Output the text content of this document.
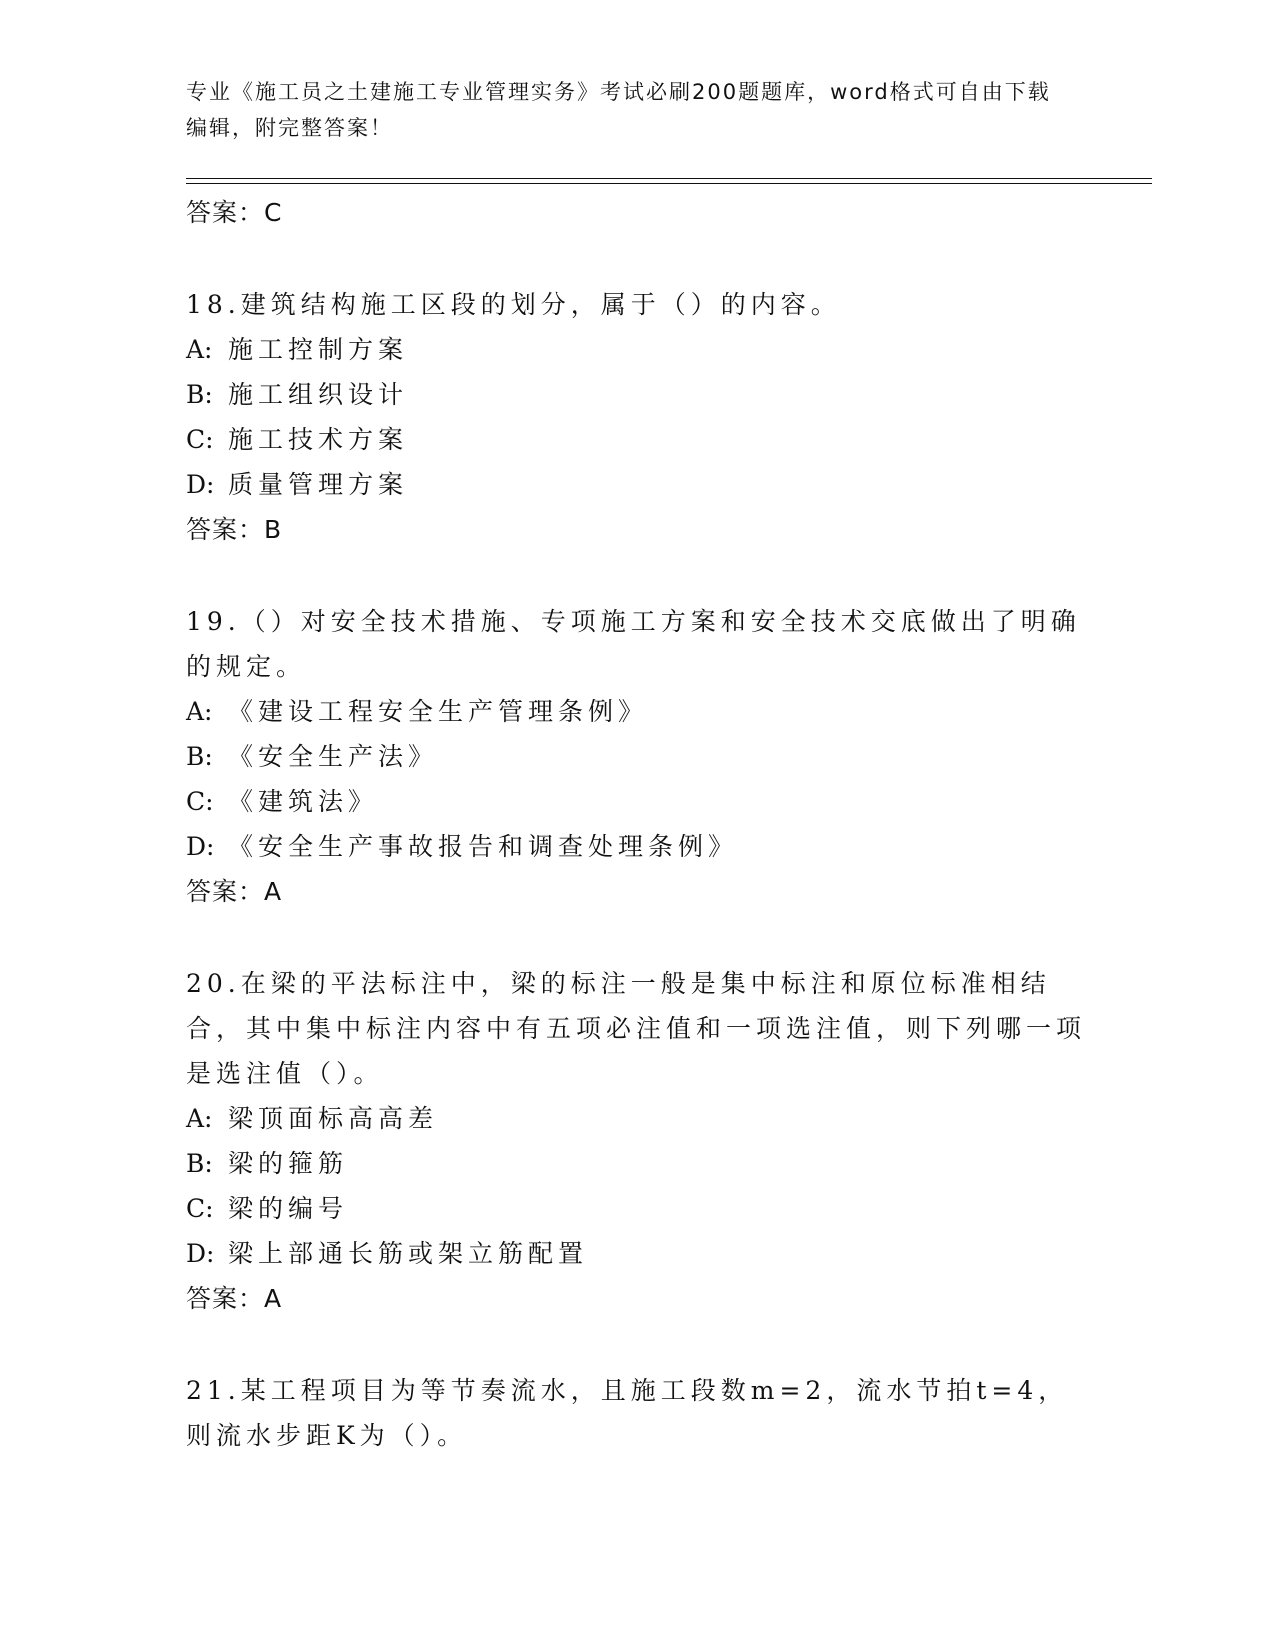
专业《施工员之土建施工专业管理实务》考试必刷200题题库，word格式可自由下载编辑，附完整答案！
答案：C
18.建筑结构施工区段的划分，属于（）的内容。
A: 施工控制方案
B: 施工组织设计
C: 施工技术方案
D: 质量管理方案
答案：B
19.（）对安全技术措施、专项施工方案和安全技术交底做出了明确的规定。
A: 《建设工程安全生产管理条例》
B: 《安全生产法》
C: 《建筑法》
D: 《安全生产事故报告和调查处理条例》
答案：A
20.在梁的平法标注中，梁的标注一般是集中标注和原位标准相结合，其中集中标注内容中有五项必注值和一项选注值，则下列哪一项是选注值（）。
A: 梁顶面标高高差
B: 梁的箍筋
C: 梁的编号
D: 梁上部通长筋或架立筋配置
答案：A
21.某工程项目为等节奏流水，且施工段数m=2，流水节拍t=4，则流水步距K为（）。
